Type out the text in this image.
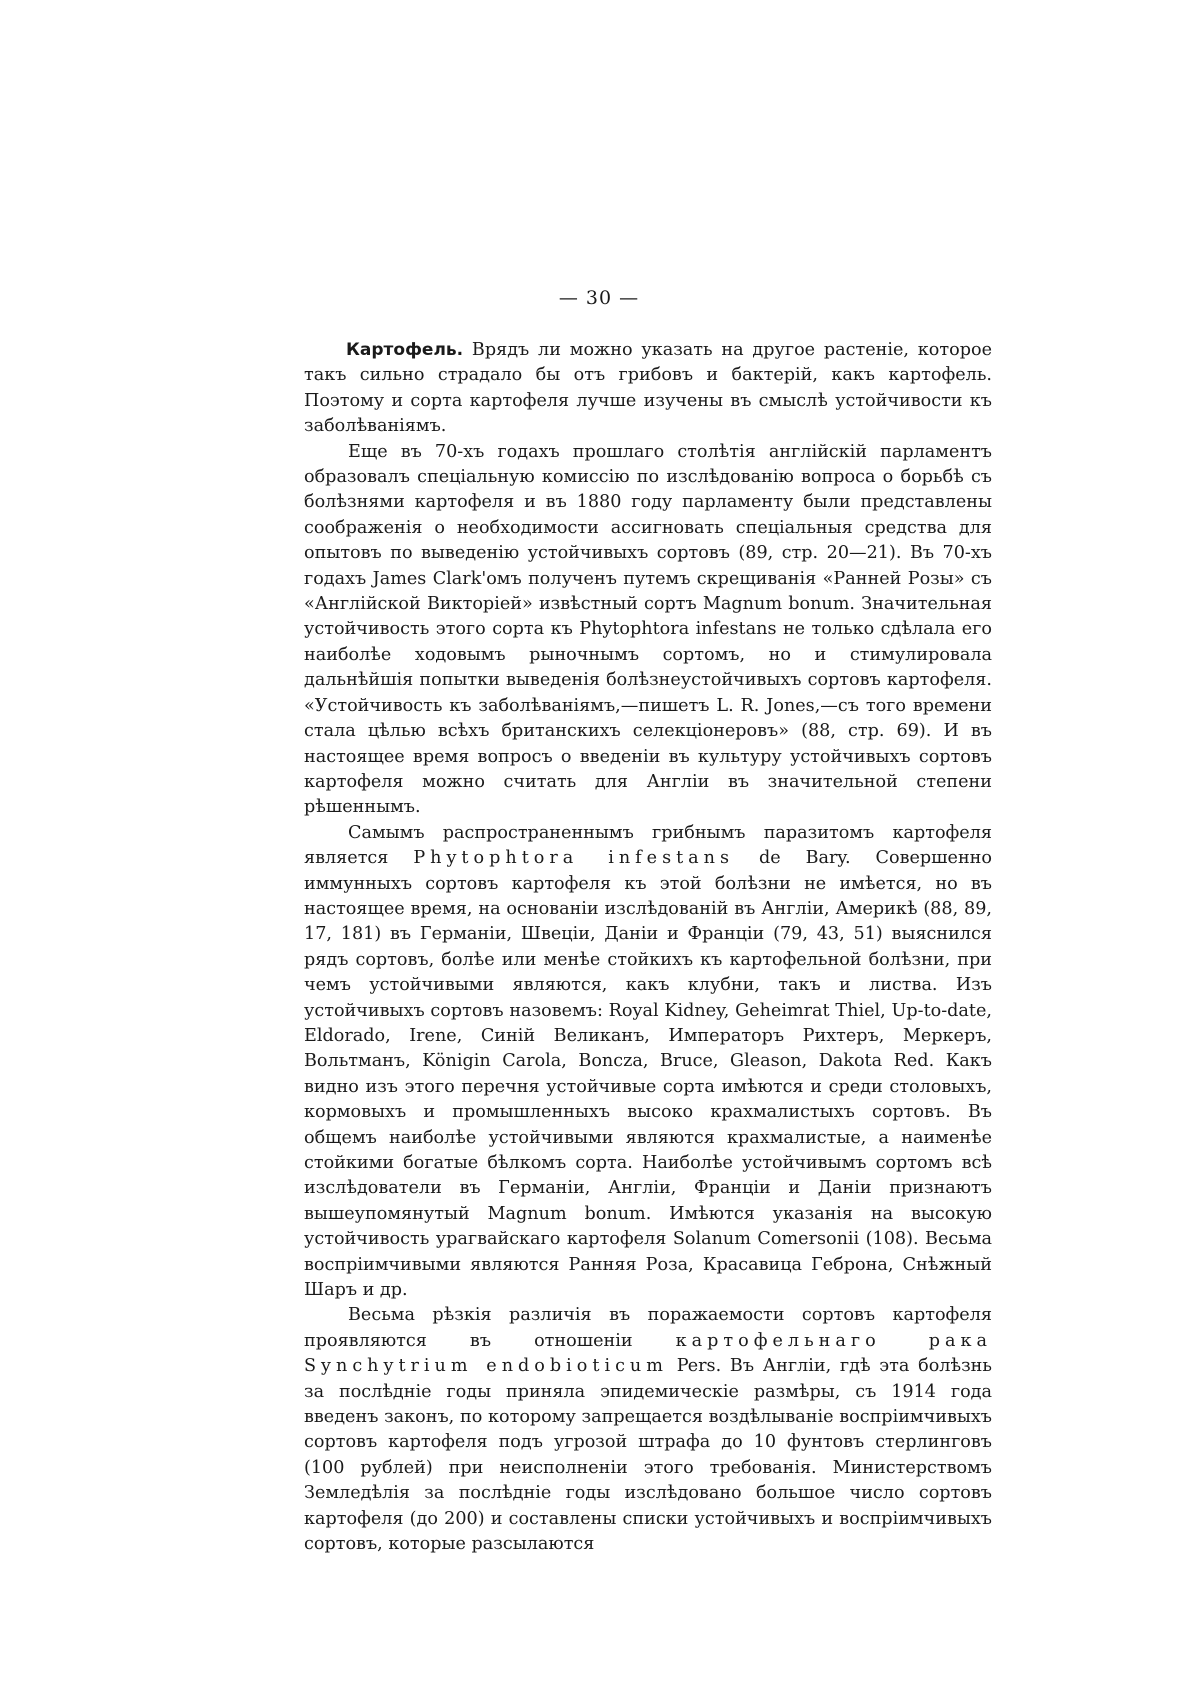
— 30 —

Картофель. Врядъ ли можно указать на другое растеніе, которое такъ сильно страдало бы отъ грибовъ и бактерій, какъ картофель. Поэтому и сорта картофеля лучше изучены въ смыслѣ устойчивости къ заболѣваніямъ.

Еще въ 70-хъ годахъ прошлаго столѣтія англійскій парламентъ образовалъ спеціальную комиссію по изслѣдованію вопроса о борьбѣ съ болѣзнями картофеля и въ 1880 году парламенту были представлены соображенія о необходимости ассигновать спеціальныя средства для опытовъ по выведенію устойчивыхъ сортовъ (89, стр. 20—21). Въ 70-хъ годахъ James Clark'омъ полученъ путемъ скрещиванія «Ранней Розы» съ «Англійской Викторіей» извѣстный сортъ Magnum bonum. Значительная устойчивость этого сорта къ Phytophtora infestans не только сдѣлала его наиболѣе ходовымъ рыночнымъ сортомъ, но и стимулировала дальнѣйшія попытки выведенія болѣзнеустойчивыхъ сортовъ картофеля. «Устойчивость къ заболѣваніямъ,—пишетъ L. R. Jones,—съ того времени стала цѣлью всѣхъ британскихъ селекціонеровъ» (88, стр. 69). И въ настоящее время вопросъ о введеніи въ культуру устойчивыхъ сортовъ картофеля можно считать для Англіи въ значительной степени рѣшеннымъ.

Самымъ распространеннымъ грибнымъ паразитомъ картофеля является Phytophtora infestans de Bary. Совершенно иммунныхъ сортовъ картофеля къ этой болѣзни не имѣется, но въ настоящее время, на основаніи изслѣдованій въ Англіи, Америкѣ (88, 89, 17, 181) въ Германіи, Швеціи, Даніи и Франціи (79, 43, 51) выяснился рядъ сортовъ, болѣе или менѣе стойкихъ къ картофельной болѣзни, при чемъ устойчивыми являются, какъ клубни, такъ и листва. Изъ устойчивыхъ сортовъ назовемъ: Royal Kidney, Geheimrat Thiel, Up-to-date, Eldorado, Irene, Синій Великанъ, Императоръ Рихтеръ, Меркеръ, Вольтманъ, Königin Carola, Boncza, Bruce, Gleason, Dakota Red. Какъ видно изъ этого перечня устойчивые сорта имѣются и среди столовыхъ, кормовыхъ и промышленныхъ высоко крахмалистыхъ сортовъ. Въ общемъ наиболѣе устойчивыми являются крахмалистые, а наименѣе стойкими богатые бѣлкомъ сорта. Наиболѣе устойчивымъ сортомъ всѣ изслѣдователи въ Германіи, Англіи, Франціи и Даніи признаютъ вышеупомянутый Magnum bonum. Имѣются указанія на высокую устойчивость урагвайскаго картофеля Solanum Comersonii (108). Весьма воспріимчивыми являются Ранняя Роза, Красавица Геброна, Снѣжный Шаръ и др.

Весьма рѣзкія различія въ поражаемости сортовъ картофеля проявляются въ отношеніи картофельнаго рака Synchytrium endobioticum Pers. Въ Англіи, гдѣ эта болѣзнь за послѣдніе годы приняла эпидемическіе размѣры, съ 1914 года введенъ законъ, по которому запрещается воздѣлываніе воспріимчивыхъ сортовъ картофеля подъ угрозой штрафа до 10 фунтовъ стерлинговъ (100 рублей) при неисполненіи этого требованія. Министерствомъ Земледѣлія за послѣдніе годы изслѣдовано большое число сортовъ картофеля (до 200) и составлены списки устойчивыхъ и воспріимчивыхъ сортовъ, которые разсылаются
